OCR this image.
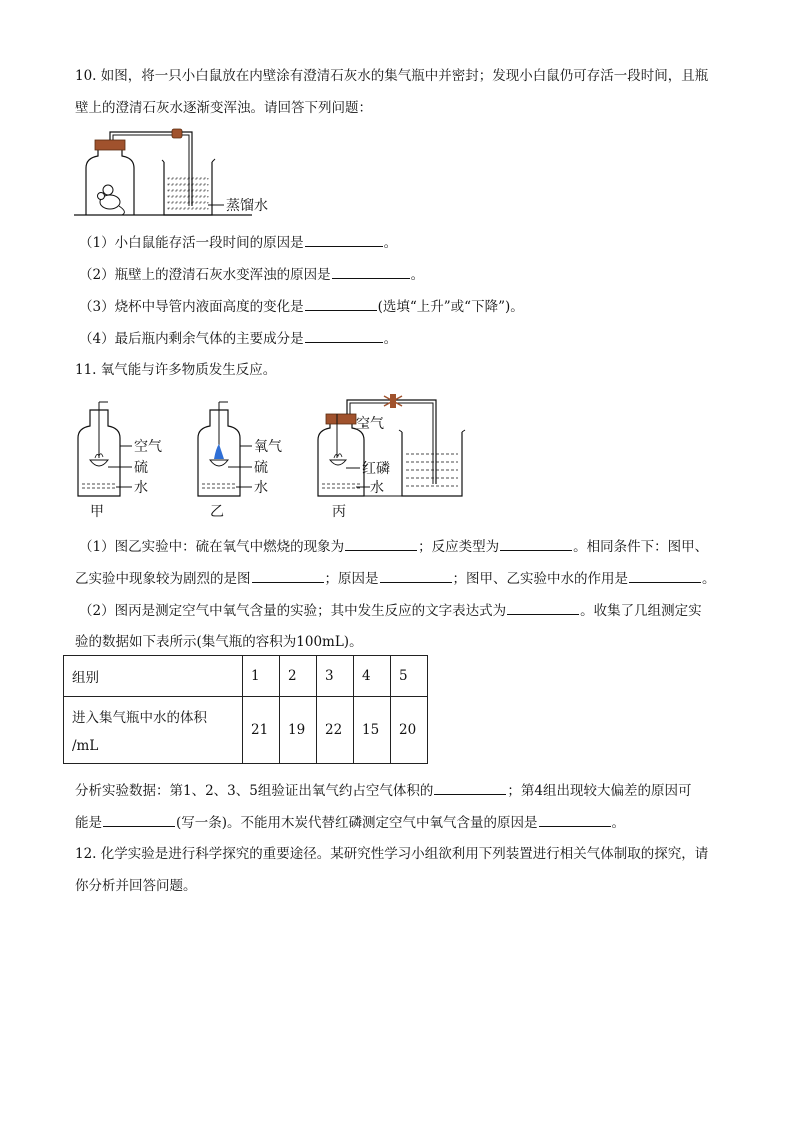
10. 如图，将一只小白鼠放在内壁涂有澄清石灰水的集气瓶中并密封；发现小白鼠仍可存活一段时间，且瓶
壁上的澄清石灰水逐渐变浑浊。请回答下列问题：
蒸馏水
（1）小白鼠能存活一段时间的原因是	。
（2）瓶壁上的澄清石灰水变浑浊的原因是	。
（3）烧杯中导管内液面高度的变化是	(选填“上升”或“下降”)。
（4）最后瓶内剩余气体的主要成分是	。
11. 氧气能与许多物质发生反应。
空气
硫
水
甲
氧气
硫
水
乙
空气
红磷
水
丙
（1）图乙实验中：硫在氧气中燃烧的现象为	；反应类型为	。相同条件下：图甲、
乙实验中现象较为剧烈的是图	；原因是	；图甲、乙实验中水的作用是	。
（2）图丙是测定空气中氧气含量的实验；其中发生反应的文字表达式为	。收集了几组测定实
验的数据如下表所示(集气瓶的容积为100mL)。
组别	1	2	3	4	5

进入集气瓶中水的体积
/mL	21	19	22	15	20
分析实验数据：第1、2、3、5组验证出氧气约占空气体积的	；第4组出现较大偏差的原因可
能是	(写一条)。不能用木炭代替红磷测定空气中氧气含量的原因是	。
12. 化学实验是进行科学探究的重要途径。某研究性学习小组欲利用下列装置进行相关气体制取的探究，请
你分析并回答问题。
